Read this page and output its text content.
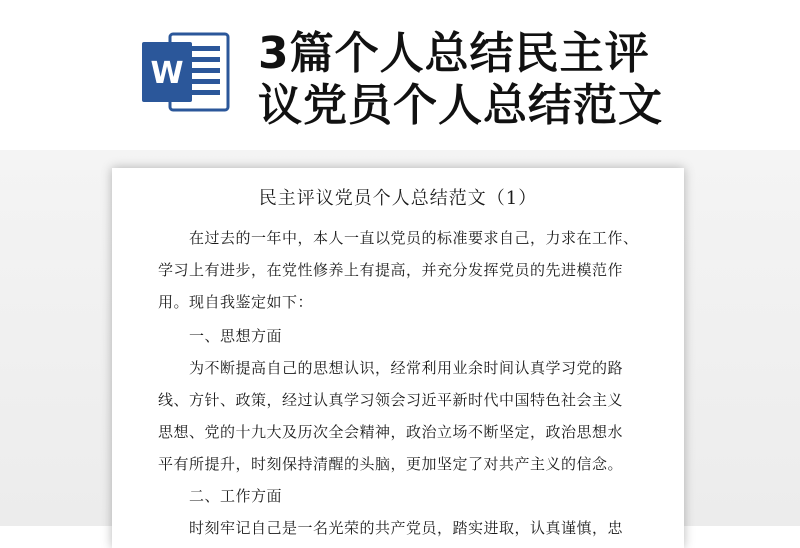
W 3篇个人总结民主评
议党员个人总结范文
民主评议党员个人总结范文（1）

　　在过去的一年中，本人一直以党员的标准要求自己，力求在工作、
学习上有进步，在党性修养上有提高，并充分发挥党员的先进模范作
用。现自我鉴定如下：

　　一、思想方面

　　为不断提高自己的思想认识，经常利用业余时间认真学习党的路
线、方针、政策，经过认真学习领会习近平新时代中国特色社会主义
思想、党的十九大及历次全会精神，政治立场不断坚定，政治思想水
平有所提升，时刻保持清醒的头脑，更加坚定了对共产主义的信念。

　　二、工作方面

　　时刻牢记自己是一名光荣的共产党员，踏实进取，认真谨慎，忠
